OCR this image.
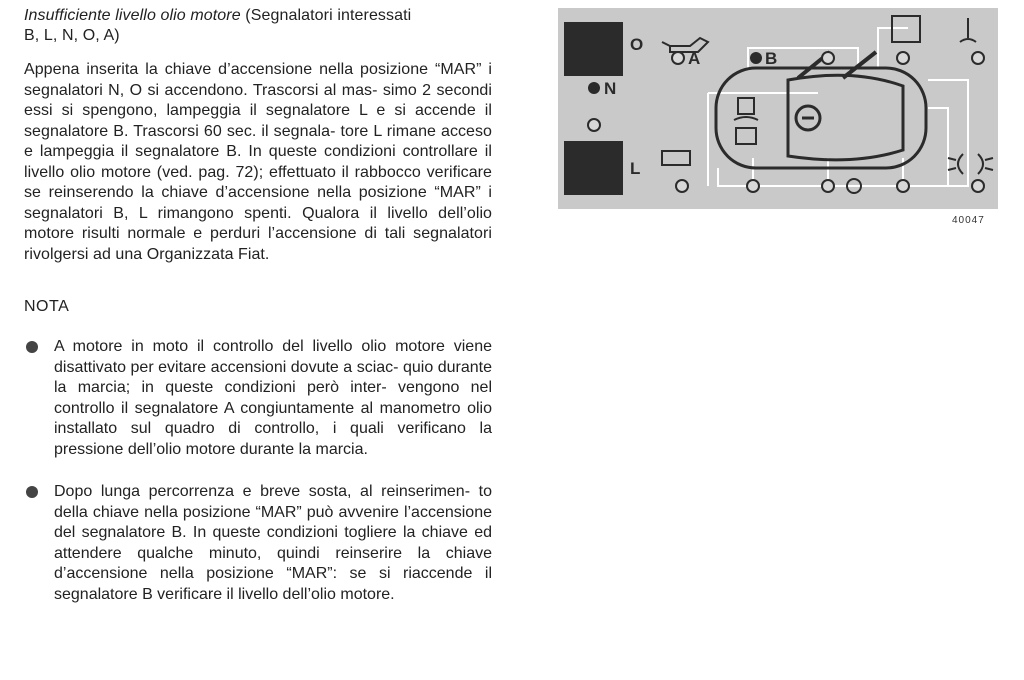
Insufficiente livello olio motore (Segnalatori interessati
B, L, N, O, A)
Appena inserita la chiave d’accensione nella posizione “MAR” i segnalatori N, O si accendono. Trascorsi al mas- simo 2 secondi essi si spengono, lampeggia il segnalatore L e si accende il segnalatore B. Trascorsi 60 sec. il segnala- tore L rimane acceso e lampeggia il segnalatore B. In queste condizioni controllare il livello olio motore (ved. pag. 72); effettuato il rabbocco verificare se reinserendo la chiave d’accensione nella posizione “MAR” i segnalatori B, L rimangono spenti. Qualora il livello dell’olio motore risulti normale e perduri l’accensione di tali segnalatori rivolgersi ad una Organizzata Fiat.
NOTA
A motore in moto il controllo del livello olio motore viene disattivato per evitare accensioni dovute a sciac- quio durante la marcia; in queste condizioni però inter- vengono nel controllo il segnalatore A congiuntamente al manometro olio installato sul quadro di controllo, i quali verificano la pressione dell’olio motore durante la marcia.
Dopo lunga percorrenza e breve sosta, al reinserimen- to della chiave nella posizione “MAR” può avvenire l’accensione del segnalatore B. In queste condizioni togliere la chiave ed attendere qualche minuto, quindi reinserire la chiave d’accensione nella posizione “MAR”: se si riaccende il segnalatore B verificare il livello dell’olio motore.
O
A	B
N
L
40047
